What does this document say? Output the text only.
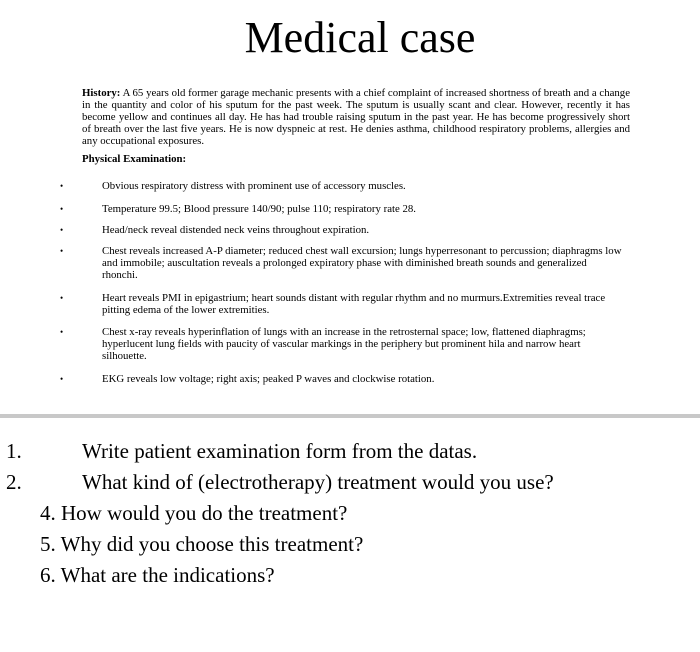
Medical case
History: A 65 years old former garage mechanic presents with a chief complaint of increased shortness of breath and a change in the quantity and color of his sputum for the past week. The sputum is usually scant and clear. However, recently it has become yellow and continues all day. He has had trouble raising sputum in the past year. He has become progressively short of breath over the last five years. He is now dyspneic at rest. He denies asthma, childhood respiratory problems, allergies and any occupational exposures.
Physical Examination:
•	Obvious respiratory distress with prominent use of accessory muscles.
•	Temperature 99.5; Blood pressure 140/90; pulse 110; respiratory rate 28.
•	Head/neck reveal distended neck veins throughout expiration.
•	Chest reveals increased A-P diameter; reduced chest wall excursion; lungs hyperresonant to percussion; diaphragms low and immobile; auscultation reveals a prolonged expiratory phase with diminished breath sounds and generalized rhonchi.
•	Heart reveals PMI in epigastrium; heart sounds distant with regular rhythm and no murmurs.Extremities reveal trace pitting edema of the lower extremities.
•	Chest x-ray reveals hyperinflation of lungs with an increase in the retrosternal space; low, flattened diaphragms; hyperlucent lung fields with paucity of vascular markings in the periphery but prominent hila and narrow heart silhouette.
•	EKG reveals low voltage; right axis; peaked P waves and clockwise rotation.
1.	Write patient examination form from the datas.
2.	What kind of (electrotherapy) treatment would you use?
4. How would you do the treatment?
5. Why did you choose this treatment?
6. What are the indications?
